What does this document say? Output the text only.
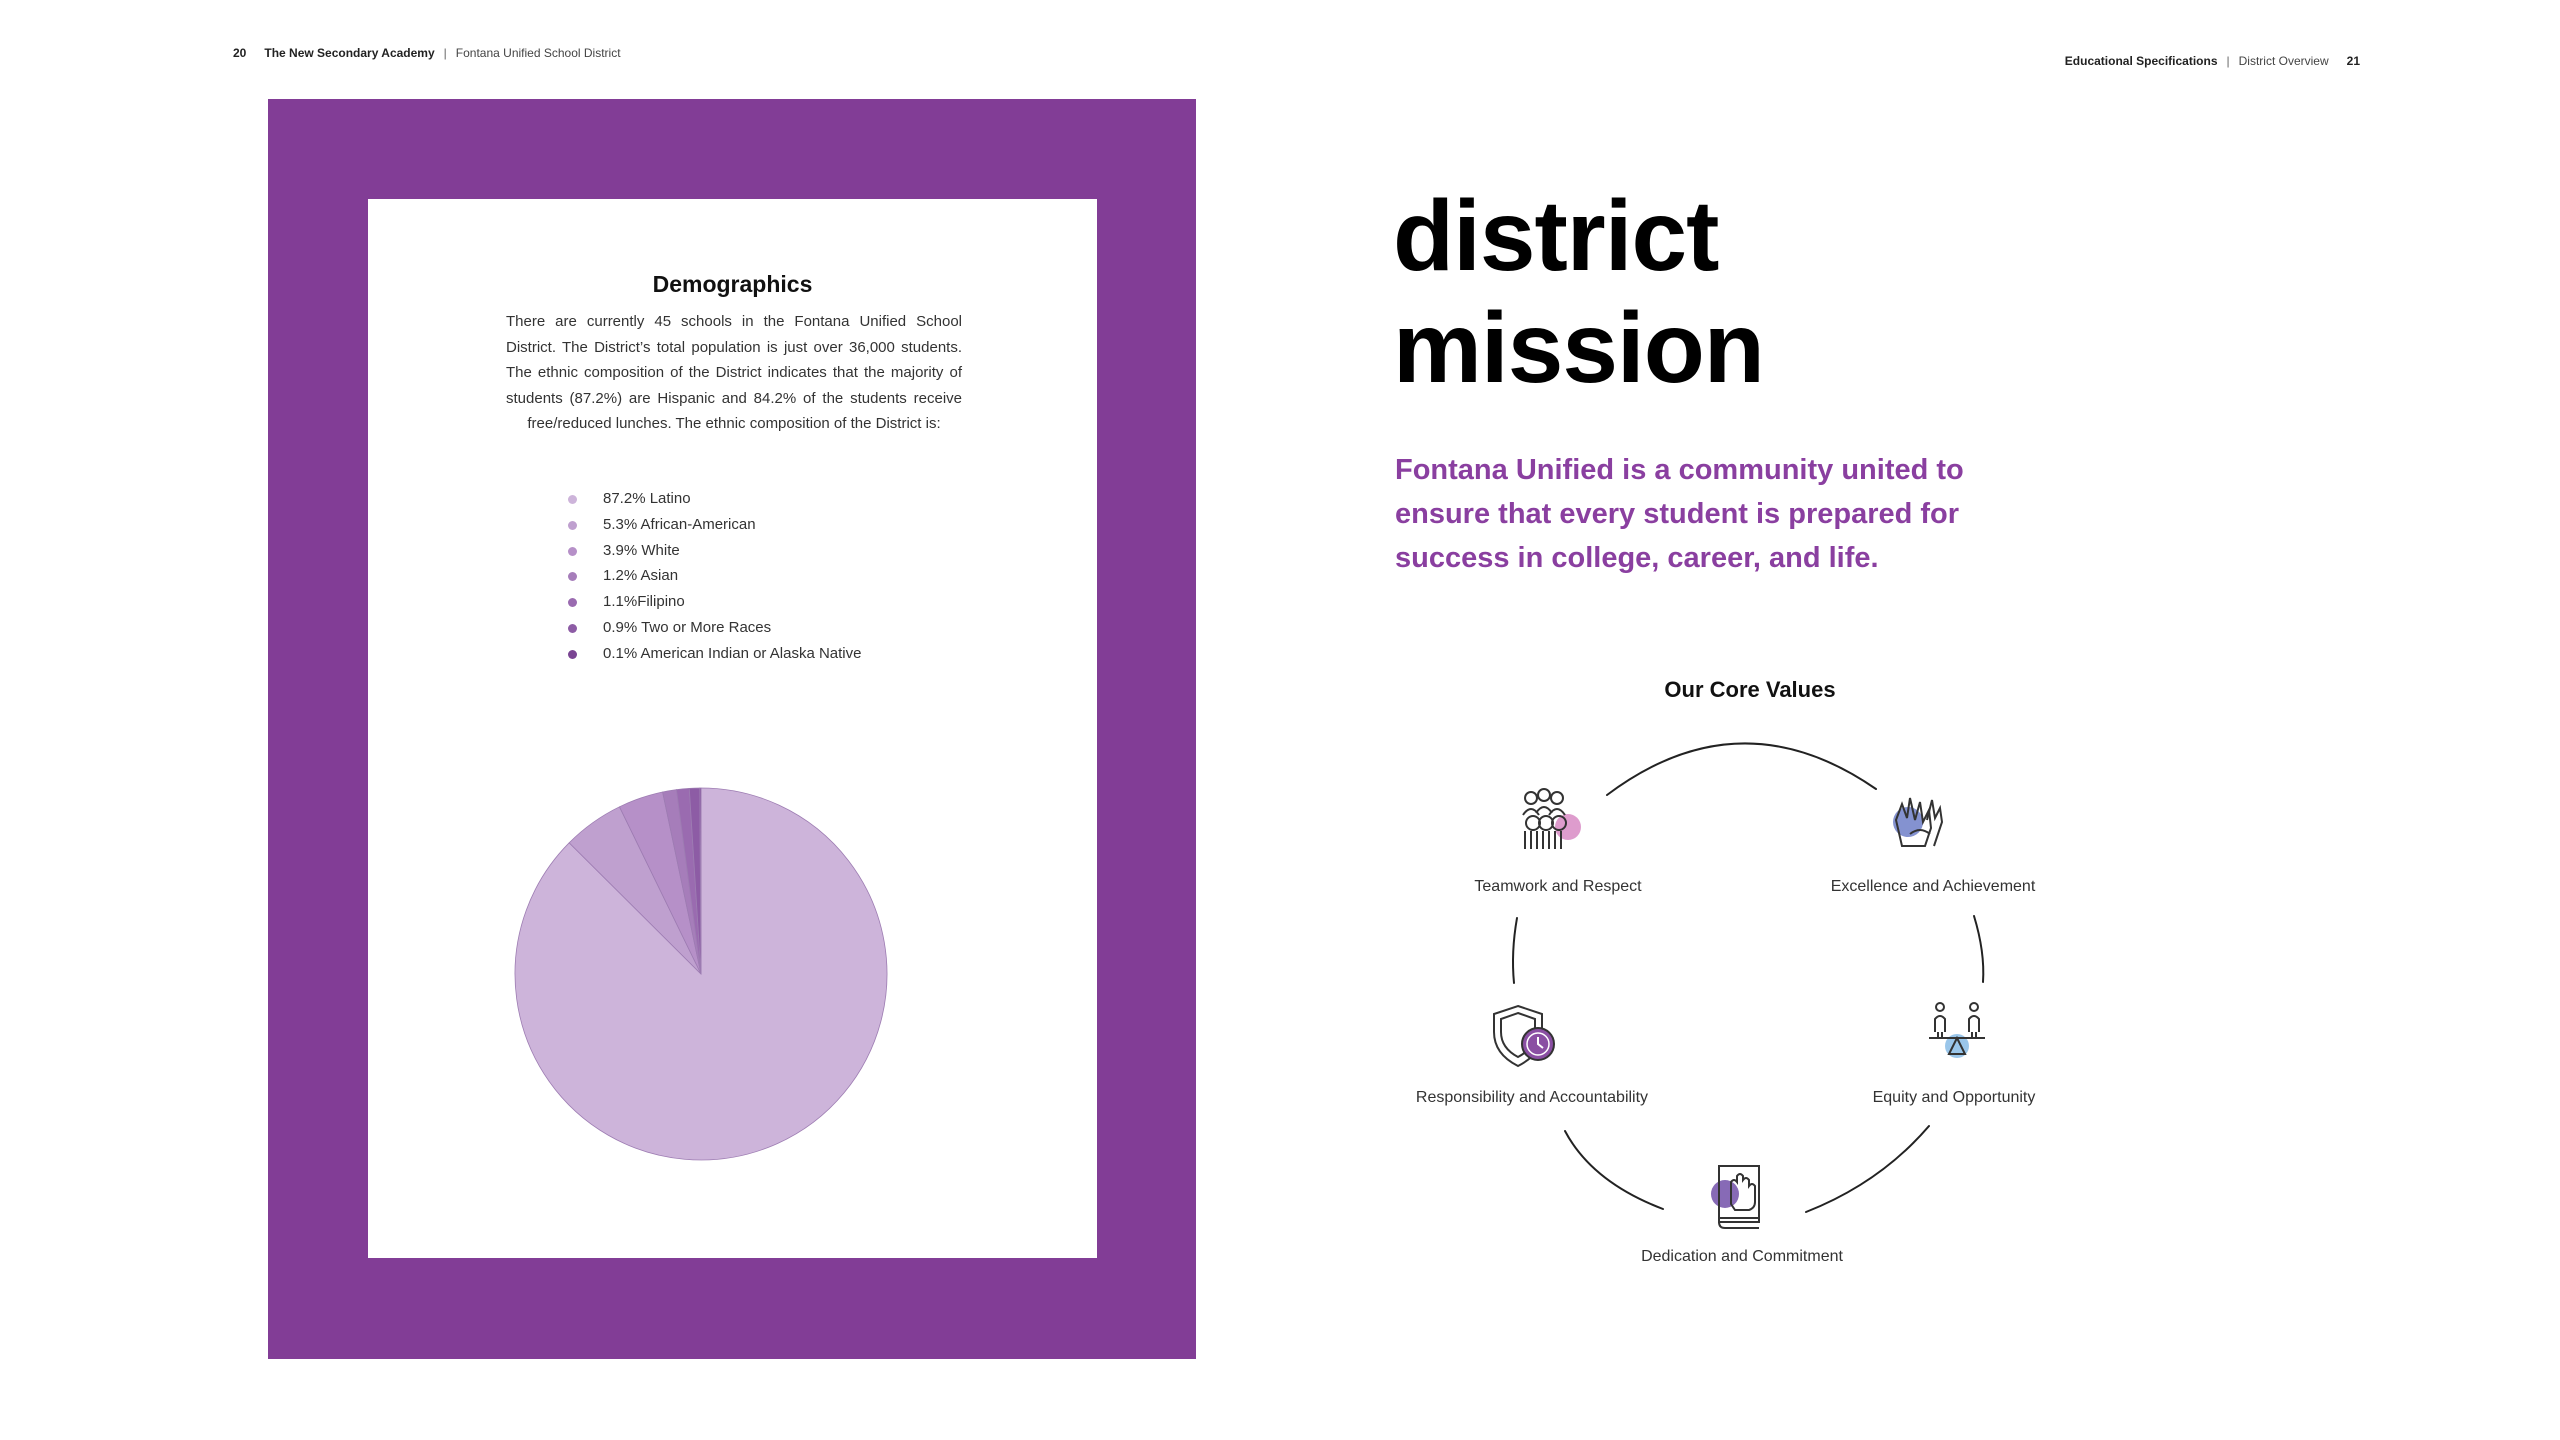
20 The New Secondary Academy | Fontana Unified School District
Educational Specifications | District Overview 21
Demographics
There are currently 45 schools in the Fontana Unified School District. The District’s total population is just over 36,000 students. The ethnic composition of the District indicates that the majority of students (87.2%) are Hispanic and 84.2% of the students receive free/reduced lunches. The ethnic composition of the District is:
87.2% Latino
5.3% African-American
3.9% White
1.2% Asian
1.1%Filipino
0.9% Two or More Races
0.1% American Indian or Alaska Native
district
mission
Fontana Unified is a community united to ensure that every student is prepared for success in college, career, and life.
Our Core Values
Teamwork and Respect	Excellence and Achievement
Responsibility and Accountability	Equity and Opportunity
Dedication and Commitment
